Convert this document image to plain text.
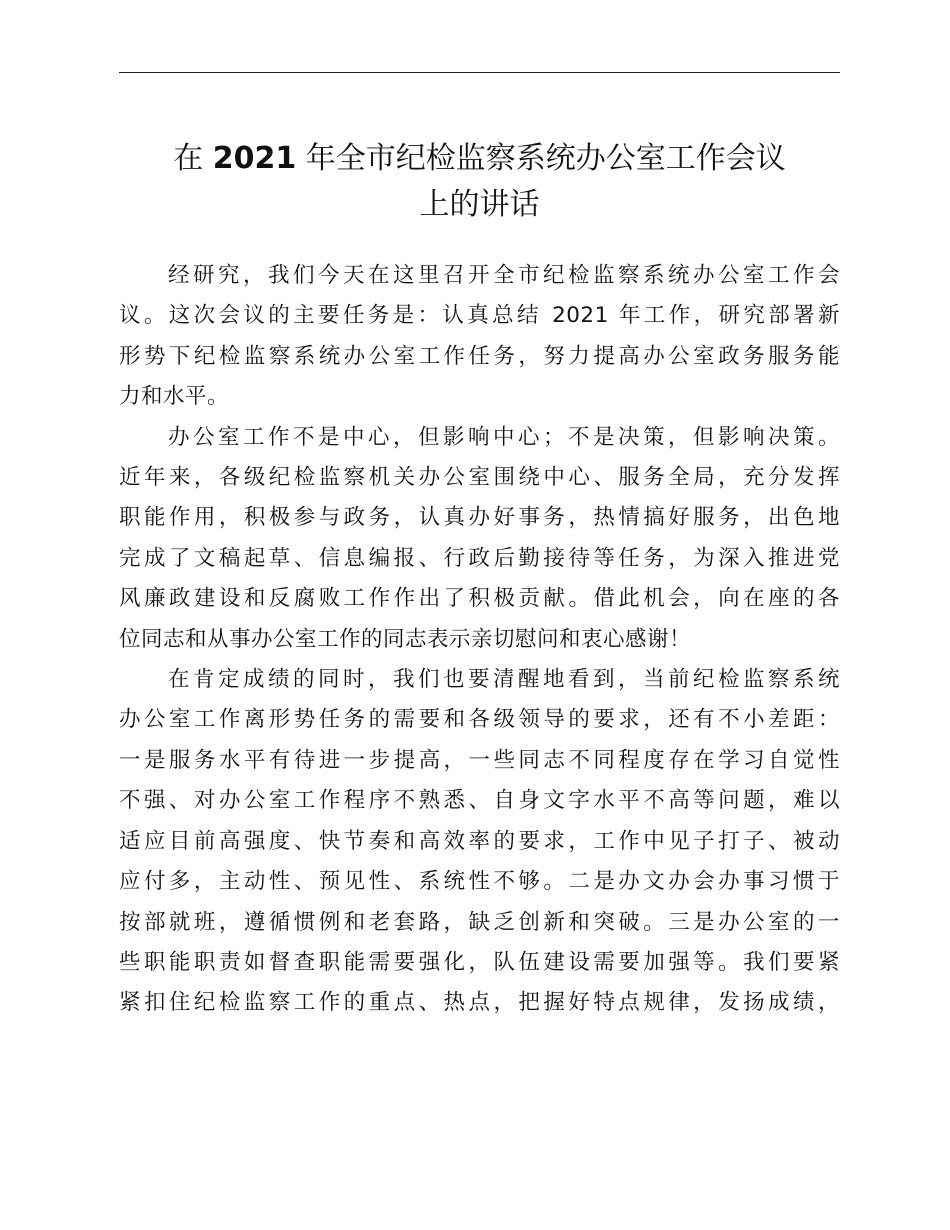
在 2021 年全市纪检监察系统办公室工作会议
上的讲话
经研究，我们今天在这里召开全市纪检监察系统办公室工作会
议。这次会议的主要任务是：认真总结 2021 年工作，研究部署新
形势下纪检监察系统办公室工作任务，努力提高办公室政务服务能
力和水平。
办公室工作不是中心，但影响中心；不是决策，但影响决策。
近年来，各级纪检监察机关办公室围绕中心、服务全局，充分发挥
职能作用，积极参与政务，认真办好事务，热情搞好服务，出色地
完成了文稿起草、信息编报、行政后勤接待等任务，为深入推进党
风廉政建设和反腐败工作作出了积极贡献。借此机会，向在座的各
位同志和从事办公室工作的同志表示亲切慰问和衷心感谢！
在肯定成绩的同时，我们也要清醒地看到，当前纪检监察系统
办公室工作离形势任务的需要和各级领导的要求，还有不小差距：
一是服务水平有待进一步提高，一些同志不同程度存在学习自觉性
不强、对办公室工作程序不熟悉、自身文字水平不高等问题，难以
适应目前高强度、快节奏和高效率的要求，工作中见子打子、被动
应付多，主动性、预见性、系统性不够。二是办文办会办事习惯于
按部就班，遵循惯例和老套路，缺乏创新和突破。三是办公室的一
些职能职责如督查职能需要强化，队伍建设需要加强等。我们要紧
紧扣住纪检监察工作的重点、热点，把握好特点规律，发扬成绩，
